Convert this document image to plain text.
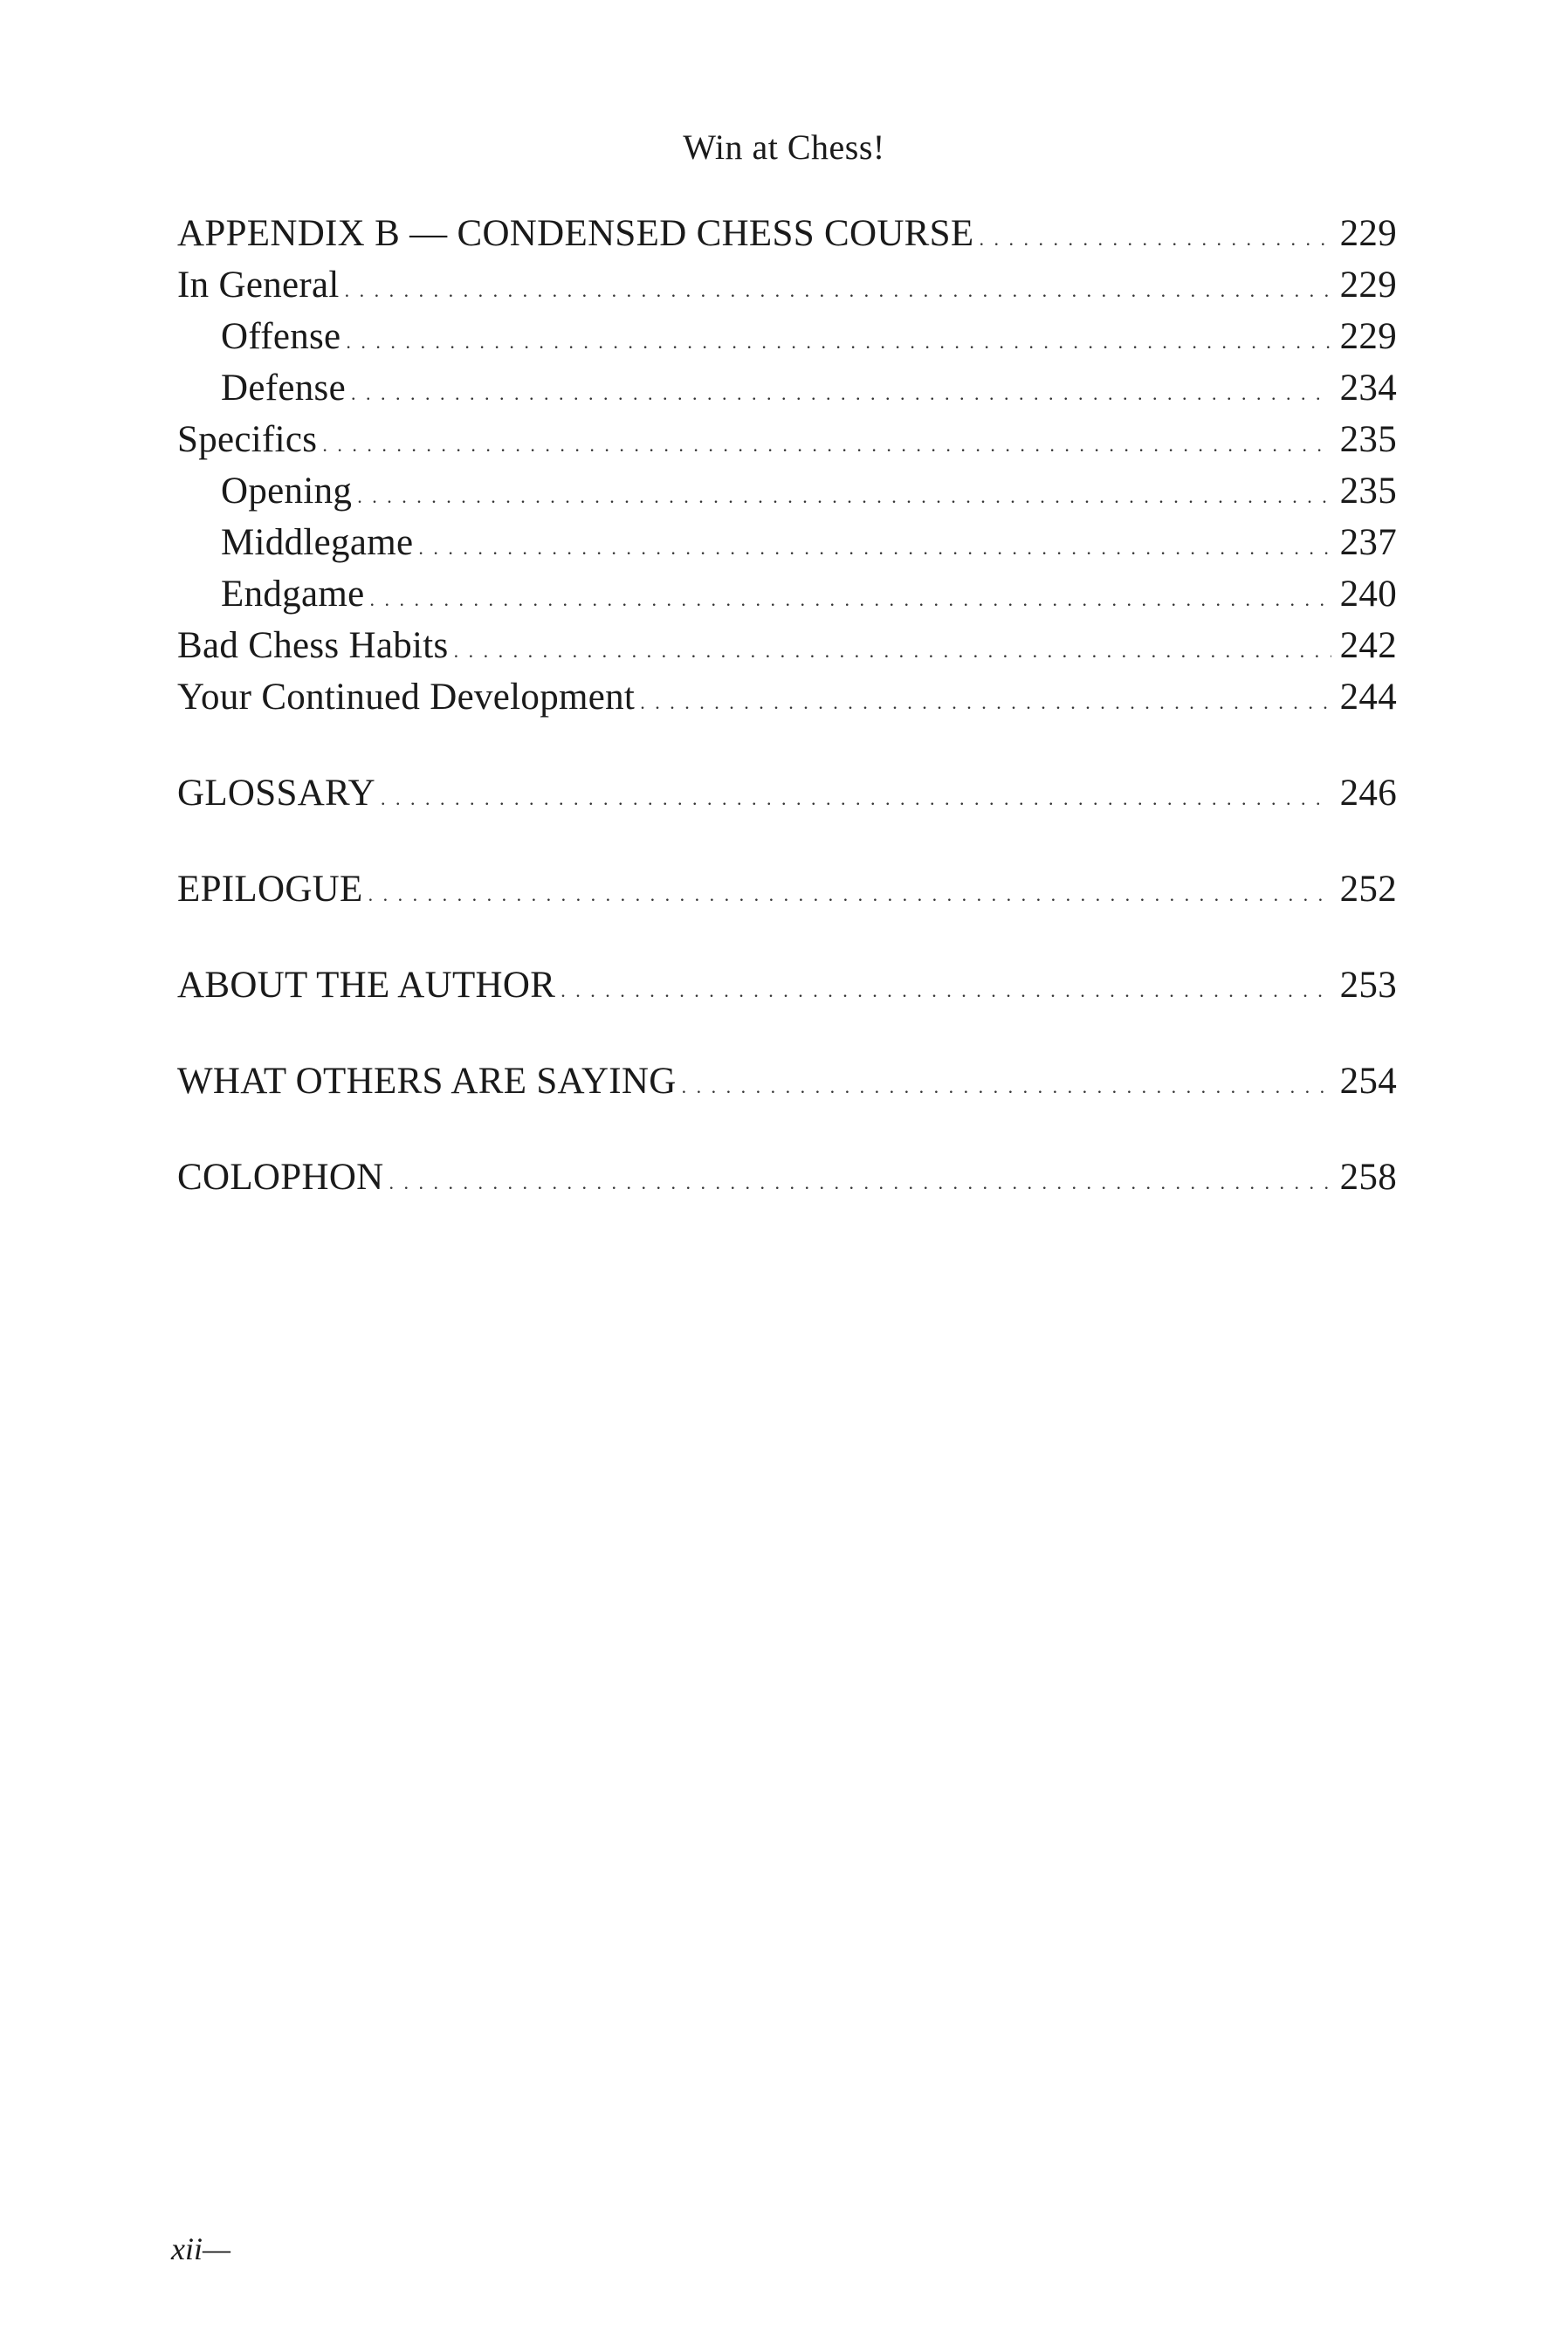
Win at Chess!
APPENDIX B — CONDENSED CHESS COURSE . . .	229
In General . . .	229
Offense . . .	229
Defense . . .	234
Specifics . . .	235
Opening . . .	235
Middlegame . . .	237
Endgame . . .	240
Bad Chess Habits . . .	242
Your Continued Development . . .	244
GLOSSARY . . .	246
EPILOGUE . . .	252
ABOUT THE AUTHOR . . .	253
WHAT OTHERS ARE SAYING . . .	254
COLOPHON . . .	258
xii—
